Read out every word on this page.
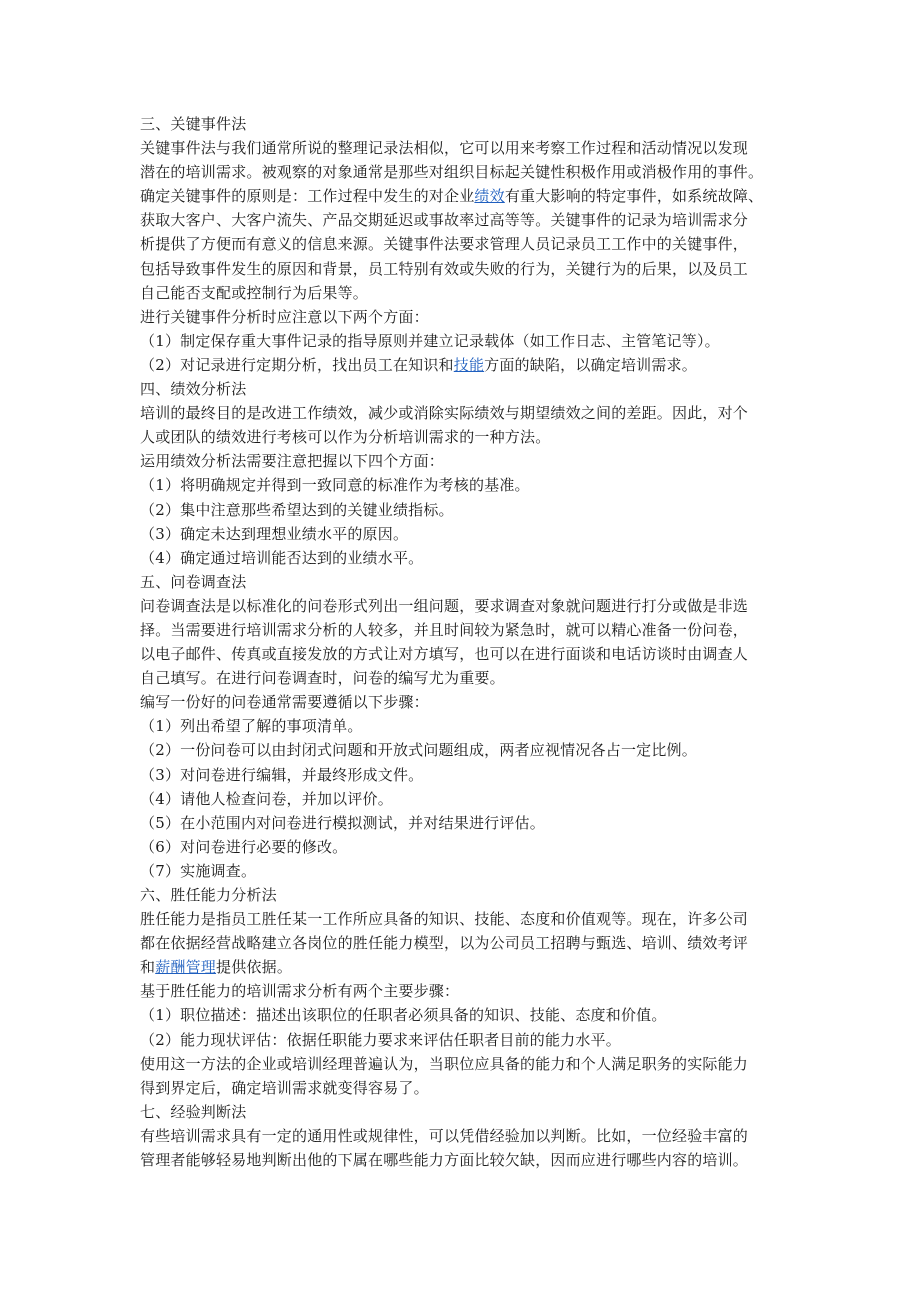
三、关键事件法
关键事件法与我们通常所说的整理记录法相似，它可以用来考察工作过程和活动情况以发现
潜在的培训需求。被观察的对象通常是那些对组织目标起关键性积极作用或消极作用的事件。
确定关键事件的原则是：工作过程中发生的对企业绩效有重大影响的特定事件，如系统故障、
获取大客户、大客户流失、产品交期延迟或事故率过高等等。关键事件的记录为培训需求分
析提供了方便而有意义的信息来源。关键事件法要求管理人员记录员工工作中的关键事件，
包括导致事件发生的原因和背景，员工特别有效或失败的行为，关键行为的后果，以及员工
自己能否支配或控制行为后果等。
进行关键事件分析时应注意以下两个方面：
（1）制定保存重大事件记录的指导原则并建立记录载体（如工作日志、主管笔记等）。
（2）对记录进行定期分析，找出员工在知识和技能方面的缺陷，以确定培训需求。
四、绩效分析法
培训的最终目的是改进工作绩效，减少或消除实际绩效与期望绩效之间的差距。因此，对个
人或团队的绩效进行考核可以作为分析培训需求的一种方法。
运用绩效分析法需要注意把握以下四个方面：
（1）将明确规定并得到一致同意的标准作为考核的基准。
（2）集中注意那些希望达到的关键业绩指标。
（3）确定未达到理想业绩水平的原因。
（4）确定通过培训能否达到的业绩水平。
五、问卷调查法
问卷调查法是以标准化的问卷形式列出一组问题，要求调查对象就问题进行打分或做是非选
择。当需要进行培训需求分析的人较多，并且时间较为紧急时，就可以精心准备一份问卷，
以电子邮件、传真或直接发放的方式让对方填写，也可以在进行面谈和电话访谈时由调查人
自己填写。在进行问卷调查时，问卷的编写尤为重要。
编写一份好的问卷通常需要遵循以下步骤：
（1）列出希望了解的事项清单。
（2）一份问卷可以由封闭式问题和开放式问题组成，两者应视情况各占一定比例。
（3）对问卷进行编辑，并最终形成文件。
（4）请他人检查问卷，并加以评价。
（5）在小范围内对问卷进行模拟测试，并对结果进行评估。
（6）对问卷进行必要的修改。
（7）实施调查。
六、胜任能力分析法
胜任能力是指员工胜任某一工作所应具备的知识、技能、态度和价值观等。现在，许多公司
都在依据经营战略建立各岗位的胜任能力模型，以为公司员工招聘与甄选、培训、绩效考评
和薪酬管理提供依据。
基于胜任能力的培训需求分析有两个主要步骤：
（1）职位描述：描述出该职位的任职者必须具备的知识、技能、态度和价值。
（2）能力现状评估：依据任职能力要求来评估任职者目前的能力水平。
使用这一方法的企业或培训经理普遍认为，当职位应具备的能力和个人满足职务的实际能力
得到界定后，确定培训需求就变得容易了。
七、经验判断法
有些培训需求具有一定的通用性或规律性，可以凭借经验加以判断。比如，一位经验丰富的
管理者能够轻易地判断出他的下属在哪些能力方面比较欠缺，因而应进行哪些内容的培训。
